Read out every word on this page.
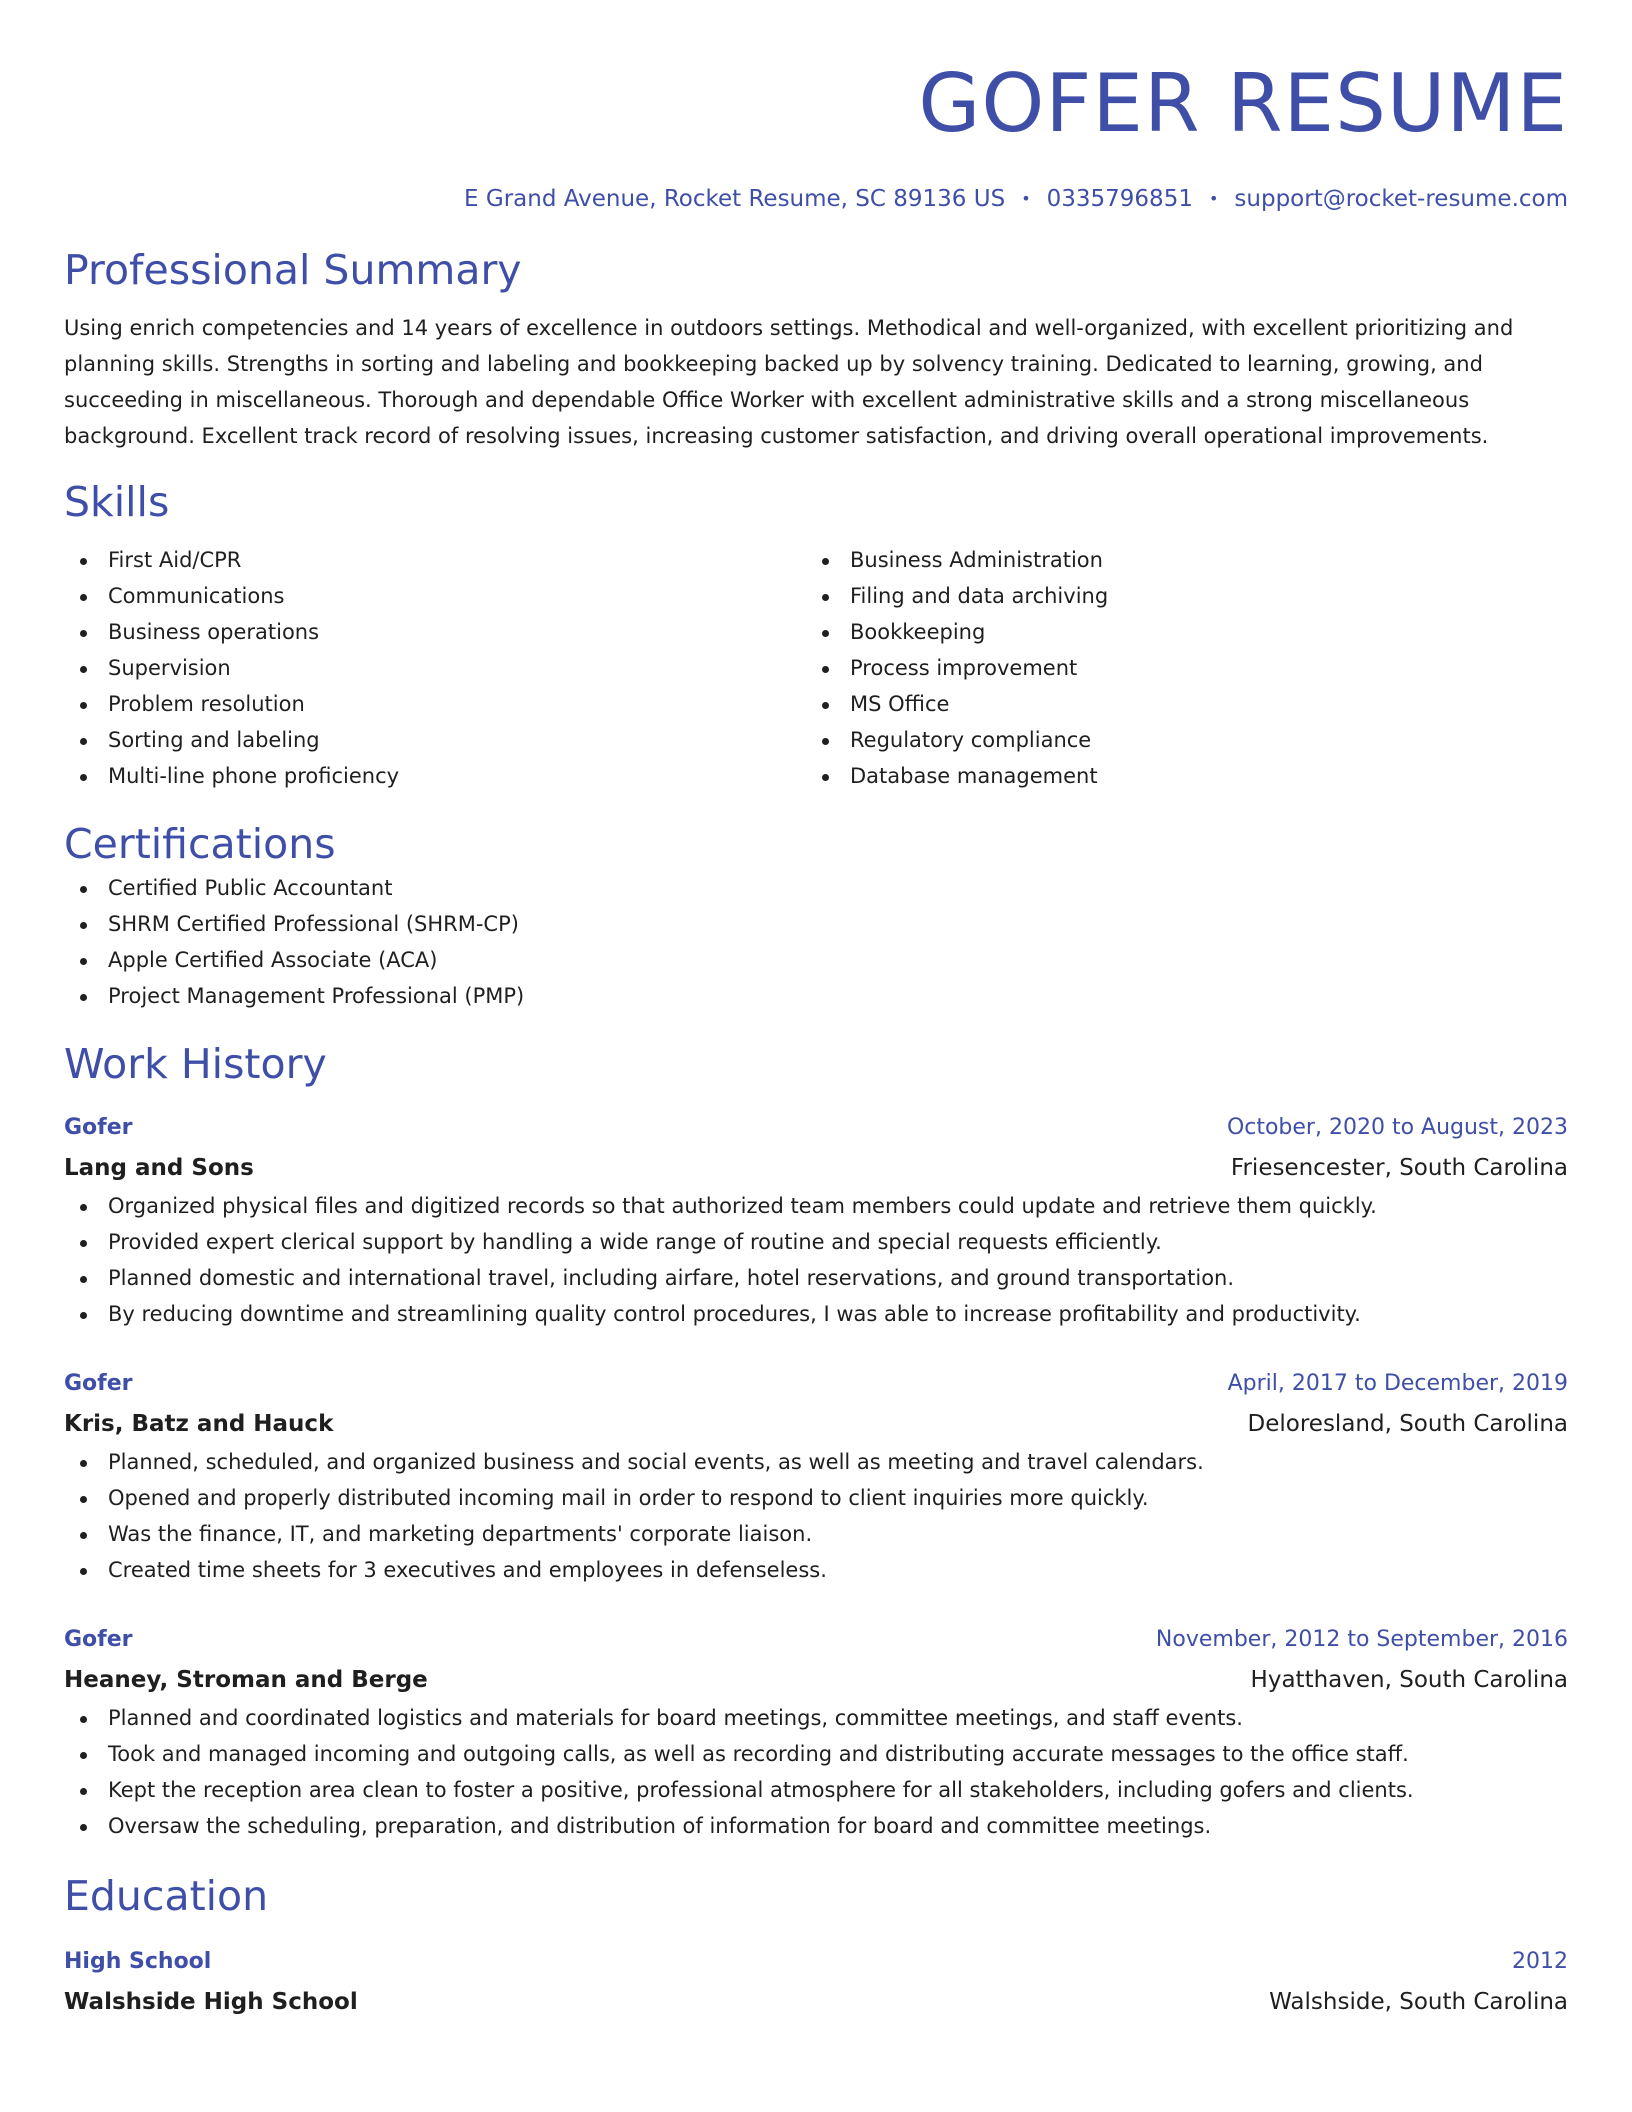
GOFER RESUME
E Grand Avenue, Rocket Resume, SC 89136 US • 0335796851 • support@rocket-resume.com
Professional Summary
Using enrich competencies and 14 years of excellence in outdoors settings. Methodical and well-organized, with excellent prioritizing and planning skills. Strengths in sorting and labeling and bookkeeping backed up by solvency training. Dedicated to learning, growing, and succeeding in miscellaneous. Thorough and dependable Office Worker with excellent administrative skills and a strong miscellaneous background. Excellent track record of resolving issues, increasing customer satisfaction, and driving overall operational improvements.
Skills
First Aid/CPR
Communications
Business operations
Supervision
Problem resolution
Sorting and labeling
Multi-line phone proficiency
Business Administration
Filing and data archiving
Bookkeeping
Process improvement
MS Office
Regulatory compliance
Database management
Certifications
Certified Public Accountant
SHRM Certified Professional (SHRM-CP)
Apple Certified Associate (ACA)
Project Management Professional (PMP)
Work History
Gofer	October, 2020 to August, 2023
Lang and Sons	Friesencester, South Carolina
Organized physical files and digitized records so that authorized team members could update and retrieve them quickly.
Provided expert clerical support by handling a wide range of routine and special requests efficiently.
Planned domestic and international travel, including airfare, hotel reservations, and ground transportation.
By reducing downtime and streamlining quality control procedures, I was able to increase profitability and productivity.
Gofer	April, 2017 to December, 2019
Kris, Batz and Hauck	Deloresland, South Carolina
Planned, scheduled, and organized business and social events, as well as meeting and travel calendars.
Opened and properly distributed incoming mail in order to respond to client inquiries more quickly.
Was the finance, IT, and marketing departments' corporate liaison.
Created time sheets for 3 executives and employees in defenseless.
Gofer	November, 2012 to September, 2016
Heaney, Stroman and Berge	Hyatthaven, South Carolina
Planned and coordinated logistics and materials for board meetings, committee meetings, and staff events.
Took and managed incoming and outgoing calls, as well as recording and distributing accurate messages to the office staff.
Kept the reception area clean to foster a positive, professional atmosphere for all stakeholders, including gofers and clients.
Oversaw the scheduling, preparation, and distribution of information for board and committee meetings.
Education
High School	2012
Walshside High School	Walshside, South Carolina
